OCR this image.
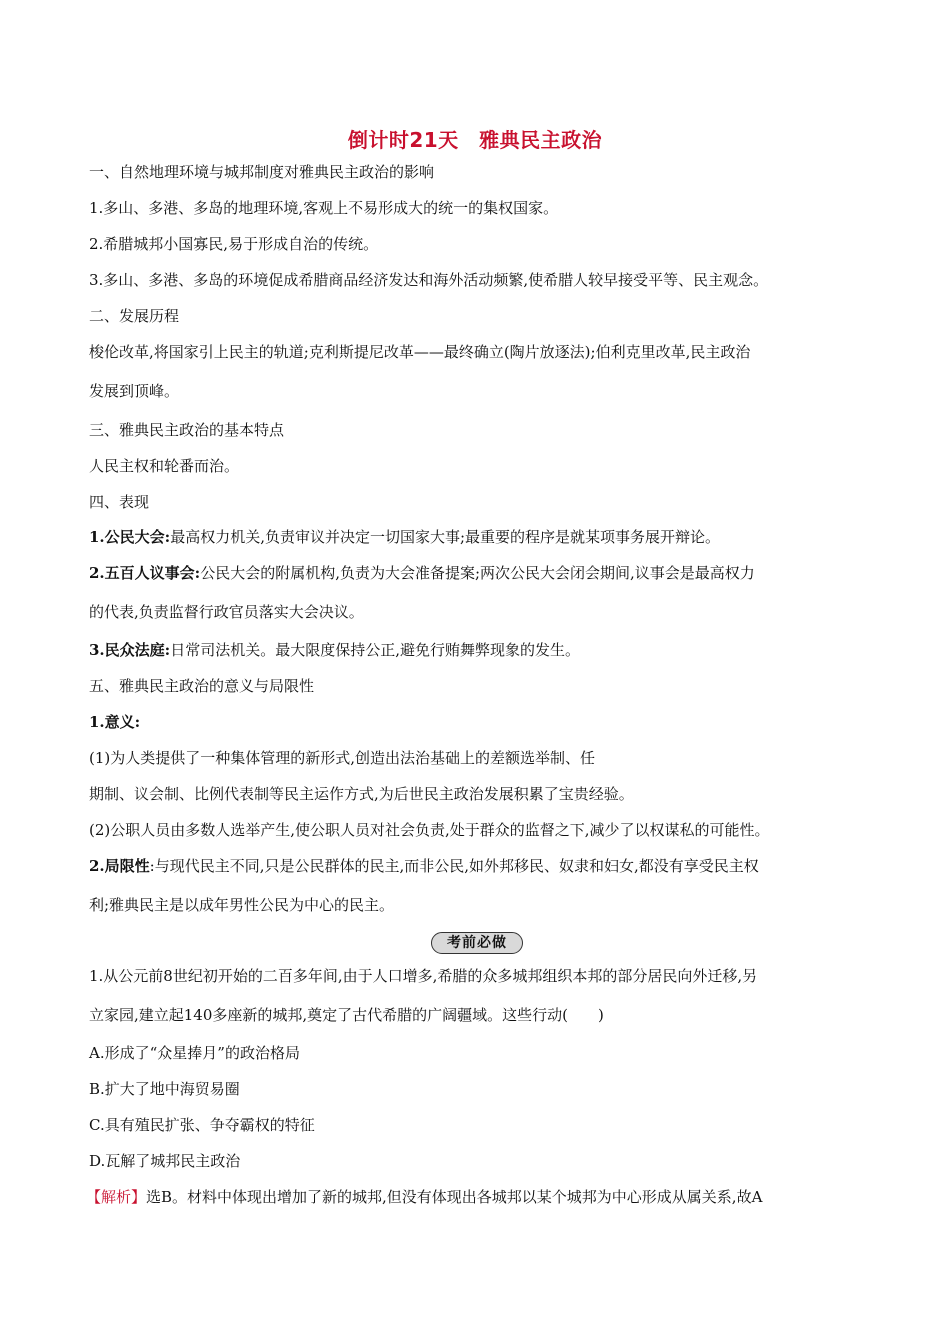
倒计时21天　雅典民主政治
一、自然地理环境与城邦制度对雅典民主政治的影响
1.多山、多港、多岛的地理环境,客观上不易形成大的统一的集权国家。
2.希腊城邦小国寡民,易于形成自治的传统。
3.多山、多港、多岛的环境促成希腊商品经济发达和海外活动频繁,使希腊人较早接受平等、民主观念。
二、发展历程
梭伦改革,将国家引上民主的轨道;克利斯提尼改革——最终确立(陶片放逐法);伯利克里改革,民主政治
发展到顶峰。
三、雅典民主政治的基本特点
人民主权和轮番而治。
四、表现
1.公民大会:最高权力机关,负责审议并决定一切国家大事;最重要的程序是就某项事务展开辩论。
2.五百人议事会:公民大会的附属机构,负责为大会准备提案;两次公民大会闭会期间,议事会是最高权力
的代表,负责监督行政官员落实大会决议。
3.民众法庭:日常司法机关。最大限度保持公正,避免行贿舞弊现象的发生。
五、雅典民主政治的意义与局限性
1.意义:
(1)为人类提供了一种集体管理的新形式,创造出法治基础上的差额选举制、任
期制、议会制、比例代表制等民主运作方式,为后世民主政治发展积累了宝贵经验。
(2)公职人员由多数人选举产生,使公职人员对社会负责,处于群众的监督之下,减少了以权谋私的可能性。
2.局限性:与现代民主不同,只是公民群体的民主,而非公民,如外邦移民、奴隶和妇女,都没有享受民主权
利;雅典民主是以成年男性公民为中心的民主。
考前必做
1.从公元前8世纪初开始的二百多年间,由于人口增多,希腊的众多城邦组织本邦的部分居民向外迁移,另
立家园,建立起140多座新的城邦,奠定了古代希腊的广阔疆域。这些行动(　　)
A.形成了“众星捧月”的政治格局
B.扩大了地中海贸易圈
C.具有殖民扩张、争夺霸权的特征
D.瓦解了城邦民主政治
【解析】选B。材料中体现出增加了新的城邦,但没有体现出各城邦以某个城邦为中心形成从属关系,故A
